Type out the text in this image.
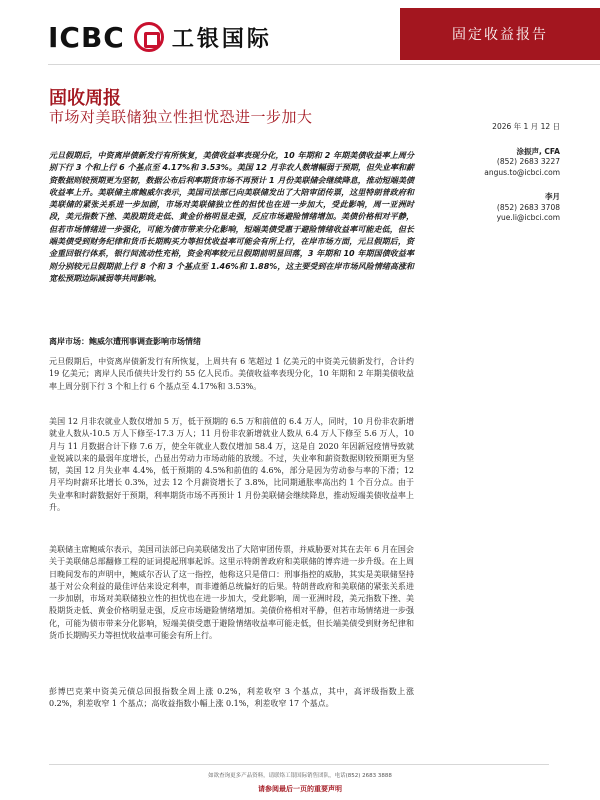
ICBC 工银国际	固定收益报告
固收周报
市场对美联储独立性担忧恐进一步加大
2026 年 1 月 12 日
涂振声, CFA
(852) 2683 3227
angus.to@icbci.com
李月
(852) 2683 3708
yue.li@icbci.com
元旦假期后，中资离岸债新发行有所恢复，美债收益率表现分化，10 年期和 2 年期美债收益率上周分别下行 3 个和上行 6 个基点至 4.17%和 3.53%。美国 12 月非农人数增幅弱于预期，但失业率和薪资数据则较预期更为坚韧，数据公布后利率期货市场不再预计 1 月份美联储会继续降息，推动短端美债收益率上升。美联储主席鲍威尔表示，美国司法部已向美联储发出了大陪审团传票，这里特朗普政府和美联储的紧张关系进一步加剧，市场对美联储独立性的担忧也在进一步加大，受此影响，周一亚洲时段，美元指数下挫、美股期货走低、黄金价格明显走强，反应市场避险情绪增加。美债价格相对平静，但若市场情绪进一步强化，可能为债市带来分化影响，短端美债受惠于避险情绪收益率可能走低，但长端美债受到财务纪律和货币长期购买力等担忧收益率可能会有所上行，在岸市场方面，元旦假期后，资金重回银行体系，银行间流动性充裕，资金利率较元旦假期前明显回落，3 年期和 10 年期国债收益率则分别较元旦假期前上行 8 个和 3 个基点至 1.46%和 1.88%，这主要受到在岸市场风险情绪高涨和宽松预期边际减弱等共同影响。
离岸市场：鲍威尔遭刑事调查影响市场情绪
元旦假期后，中资离岸债新发行有所恢复，上周共有 6 笔超过 1 亿美元的中资美元债新发行，合计约 19 亿美元；离岸人民币债共计发行约 55 亿人民币。美债收益率表现分化，10 年期和 2 年期美债收益率上周分别下行 3 个和上行 6 个基点至 4.17%和 3.53%。
美国 12 月非农就业人数仅增加 5 万，低于预期的 6.5 万和前值的 6.4 万人，同时，10 月份非农新增就业人数从-10.5 万人下修至-17.3 万人；11 月份非农新增就业人数从 6.4 万人下修至 5.6 万人，10 月与 11 月数据合计下修 7.6 万，使全年就业人数仅增加 58.4 万，这是自 2020 年因新冠疫情导致就业锐减以来的最弱年度增长，凸显出劳动力市场动能的放缓。不过，失业率和薪资数据则较预期更为坚韧，美国 12 月失业率 4.4%，低于预期的 4.5%和前值的 4.6%，部分是因为劳动参与率的下滑；12 月平均时薪环比增长 0.3%，过去 12 个月薪资增长了 3.8%，比同期通胀率高出约 1 个百分点。由于失业率和时薪数据好于预期，利率期货市场不再预计 1 月份美联储会继续降息，推动短端美债收益率上升。
美联储主席鲍威尔表示，美国司法部已向美联储发出了大陪审团传票，并威胁要对其在去年 6 月在国会关于美联储总部翻修工程的证词提起刑事起诉。这里示特朗普政府和美联储的博弈进一步升级。在上周日晚间发布的声明中，鲍威尔否认了这一指控，他称这只是借口：刑事指控的威胁，其实是美联储坚持基于对公众利益的最佳评估来设定利率，而非遵循总统偏好的后果。特朗普政府和美联储的紧张关系进一步加剧，市场对美联储独立性的担忧也在进一步加大，受此影响，周一亚洲时段，美元指数下挫、美股期货走低、黄金价格明显走强，反应市场避险情绪增加。美债价格相对平静，但若市场情绪进一步强化，可能为债市带来分化影响，短端美债受惠于避险情绪收益率可能走低，但长端美债受到财务纪律和货币长期购买力等担忧收益率可能会有所上行。
彭博巴克莱中资美元债总回报指数全周上涨 0.2%，利差收窄 3 个基点，其中，高评级指数上涨 0.2%，利差收窄 1 个基点；高收益指数小幅上涨 0.1%，利差收窄 17 个基点。
如欲查询更多产品资料，请联络工银国际销售团队，电话(852) 2683 3888
请参阅最后一页的重要声明
